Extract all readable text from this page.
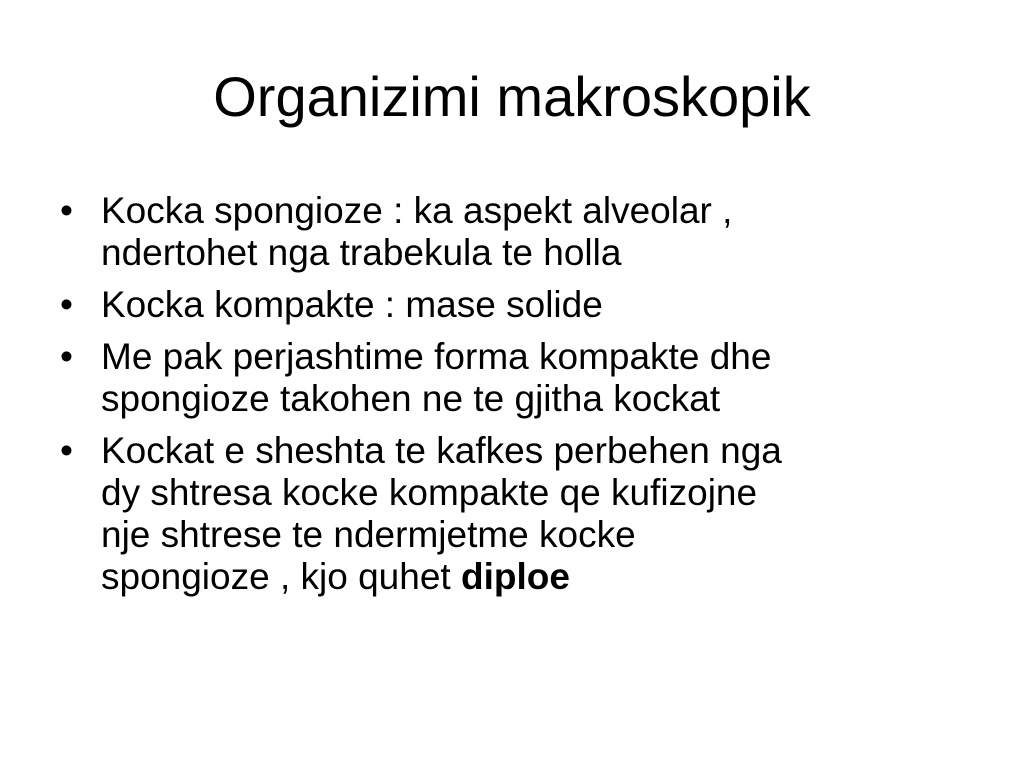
Organizimi makroskopik
• Kocka spongioze : ka aspekt alveolar ,
ndertohet nga trabekula te holla
• Kocka kompakte : mase solide
• Me pak perjashtime forma kompakte dhe
spongioze takohen ne te gjitha kockat
• Kockat e sheshta te kafkes perbehen nga
dy shtresa kocke kompakte qe kufizojne
nje shtrese te ndermjetme kocke
spongioze , kjo quhet diploe
